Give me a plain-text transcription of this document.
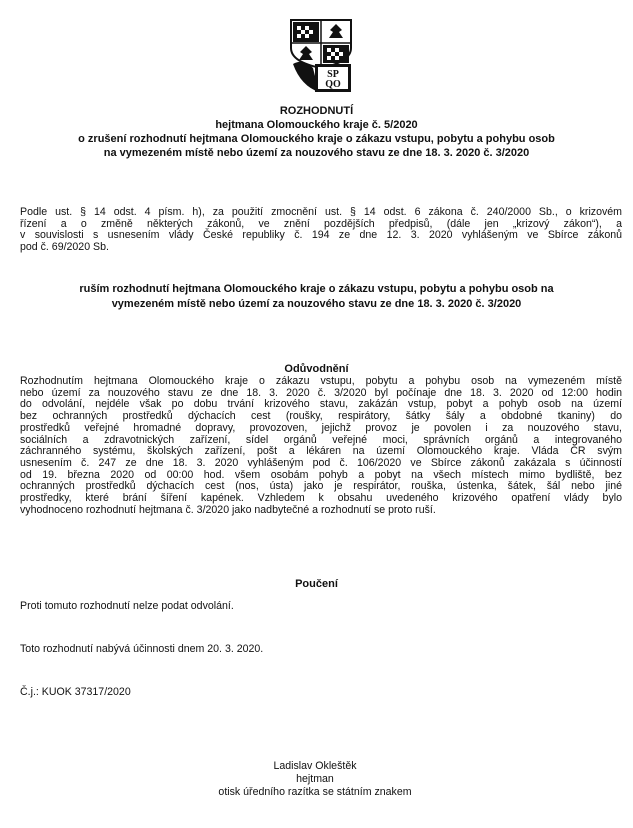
SP
QO

ROZHODNUTÍ

hejtmana Olomouckého kraje č. 5/2020

o zrušení rozhodnutí hejtmana Olomouckého kraje o zákazu vstupu, pobytu a pohybu osob

na vymezeném místě nebo území za nouzového stavu ze dne 18. 3. 2020 č. 3/2020

Podle ust. § 14 odst. 4 písm. h), za použití zmocnění ust. § 14 odst. 6 zákona č. 240/2000 Sb., o krizovém

řízení a o změně některých zákonů, ve znění pozdějších předpisů, (dále jen „krizový zákon“), a

v souvislosti s usnesením vlády České republiky č. 194 ze dne 12. 3. 2020 vyhlášeným ve Sbírce zákonů

pod č. 69/2020 Sb.

ruším rozhodnutí hejtmana Olomouckého kraje o zákazu vstupu, pobytu a pohybu osob na

vymezeném místě nebo území za nouzového stavu ze dne 18. 3. 2020 č. 3/2020

Odůvodnění

Rozhodnutím hejtmana Olomouckého kraje o zákazu vstupu, pobytu a pohybu osob na vymezeném místě

nebo území za nouzového stavu ze dne 18. 3. 2020 č. 3/2020 byl počínaje dne 18. 3. 2020 od 12:00 hodin

do odvolání, nejdéle však po dobu trvání krizového stavu, zakázán vstup, pobyt a pohyb osob na území

bez ochranných prostředků dýchacích cest (roušky, respirátory, šátky šály a obdobné tkaniny) do

prostředků veřejné hromadné dopravy, provozoven, jejichž provoz je povolen i za nouzového stavu,

sociálních a zdravotnických zařízení, sídel orgánů veřejné moci, správních orgánů a integrovaného

záchranného systému, školských zařízení, pošt a lékáren na území Olomouckého kraje. Vláda ČR svým

usnesením č. 247 ze dne 18. 3. 2020 vyhlášeným pod č. 106/2020 ve Sbírce zákonů zakázala s účinností

od 19. března 2020 od 00:00 hod. všem osobám pohyb a pobyt na všech místech mimo bydliště, bez

ochranných prostředků dýchacích cest (nos, ústa) jako je respirátor, rouška, ústenka, šátek, šál nebo jiné

prostředky, které brání šíření kapének. Vzhledem k obsahu uvedeného krizového opatření vlády bylo

vyhodnoceno rozhodnutí hejtmana č. 3/2020 jako nadbytečné a rozhodnutí se proto ruší.

Poučení

Proti tomuto rozhodnutí nelze podat odvolání.

Toto rozhodnutí nabývá účinnosti dnem 20. 3. 2020.

Č.j.: KUOK 37317/2020

Ladislav Okleštěk

hejtman

otisk úředního razítka se státním znakem
